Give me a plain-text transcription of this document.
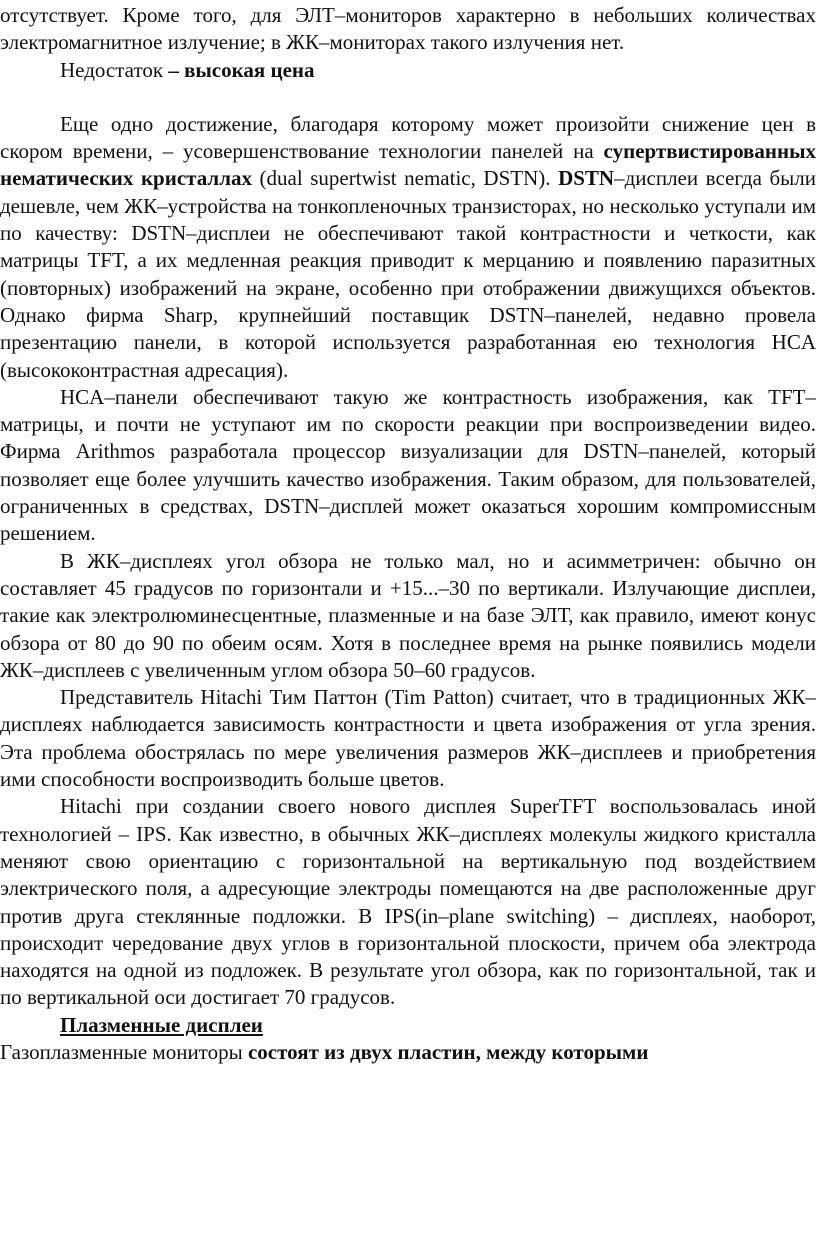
отсутствует. Кроме того, для ЭЛТ–мониторов характерно в небольших количествах электромагнитное излучение; в ЖК–мониторах такого излучения нет.

Недостаток – высокая цена

Еще одно достижение, благодаря которому может произойти снижение цен в скором времени, – усовершенствование технологии панелей на супертвистированных нематических кристаллах (dual supertwist nematic, DSTN). DSTN–дисплеи всегда были дешевле, чем ЖК–устройства на тонкопленочных транзисторах, но несколько уступали им по качеству: DSTN–дисплеи не обеспечивают такой контрастности и четкости, как матрицы TFT, а их медленная реакция приводит к мерцанию и появлению паразитных (повторных) изображений на экране, особенно при отображении движущихся объектов. Однако фирма Sharp, крупнейший поставщик DSTN–панелей, недавно провела презентацию панели, в которой используется разработанная ею технология HCA (высококонтрастная адресация).

HCA–панели обеспечивают такую же контрастность изображения, как TFT–матрицы, и почти не уступают им по скорости реакции при воспроизведении видео. Фирма Arithmos разработала процессор визуализации для DSTN–панелей, который позволяет еще более улучшить качество изображения. Таким образом, для пользователей, ограниченных в средствах, DSTN–дисплей может оказаться хорошим компромиссным решением.

В ЖК–дисплеях угол обзора не только мал, но и асимметричен: обычно он составляет 45 градусов по горизонтали и +15...–30 по вертикали. Излучающие дисплеи, такие как электролюминесцентные, плазменные и на базе ЭЛТ, как правило, имеют конус обзора от 80 до 90 по обеим осям. Хотя в последнее время на рынке появились модели ЖК–дисплеев с увеличенным углом обзора 50–60 градусов.

Представитель Hitachi Тим Паттон (Tim Patton) считает, что в традиционных ЖК–дисплеях наблюдается зависимость контрастности и цвета изображения от угла зрения. Эта проблема обострялась по мере увеличения размеров ЖК–дисплеев и приобретения ими способности воспроизводить больше цветов.

Hitachi при создании своего нового дисплея SuperTFT воспользовалась иной технологией – IPS. Как известно, в обычных ЖК–дисплеях молекулы жидкого кристалла меняют свою ориентацию с горизонтальной на вертикальную под воздействием электрического поля, а адресующие электроды помещаются на две расположенные друг против друга стеклянные подложки. В IPS(in–plane switching) – дисплеях, наоборот, происходит чередование двух углов в горизонтальной плоскости, причем оба электрода находятся на одной из подложек. В результате угол обзора, как по горизонтальной, так и по вертикальной оси достигает 70 градусов.

Плазменные дисплеи

Газоплазменные мониторы состоят из двух пластин, между которыми
